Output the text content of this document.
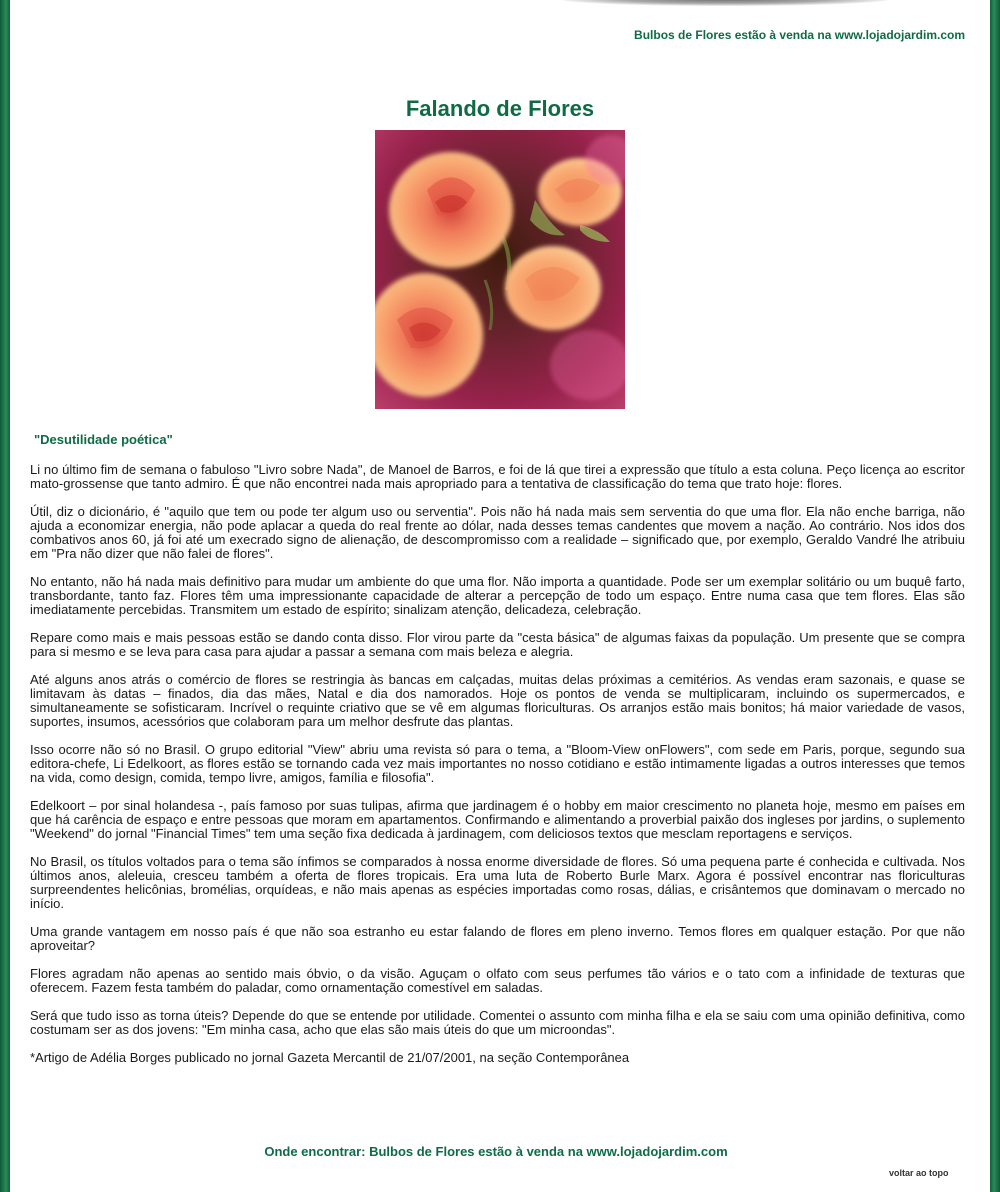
Bulbos de Flores estão à venda na www.lojadojardim.com
Falando de Flores
"Desutilidade poética"

Li no último fim de semana o fabuloso "Livro sobre Nada", de Manoel de Barros, e foi de lá que tirei a expressão que título a esta coluna. Peço licença ao escritor mato-grossense que tanto admiro. É que não encontrei nada mais apropriado para a tentativa de classificação do tema que trato hoje: flores.

Útil, diz o dicionário, é "aquilo que tem ou pode ter algum uso ou serventia". Pois não há nada mais sem serventia do que uma flor. Ela não enche barriga, não ajuda a economizar energia, não pode aplacar a queda do real frente ao dólar, nada desses temas candentes que movem a nação. Ao contrário. Nos idos dos combativos anos 60, já foi até um execrado signo de alienação, de descompromisso com a realidade – significado que, por exemplo, Geraldo Vandré lhe atribuiu em "Pra não dizer que não falei de flores".

No entanto, não há nada mais definitivo para mudar um ambiente do que uma flor. Não importa a quantidade. Pode ser um exemplar solitário ou um buquê farto, transbordante, tanto faz. Flores têm uma impressionante capacidade de alterar a percepção de todo um espaço. Entre numa casa que tem flores. Elas são imediatamente percebidas. Transmitem um estado de espírito; sinalizam atenção, delicadeza, celebração.

Repare como mais e mais pessoas estão se dando conta disso. Flor virou parte da "cesta básica" de algumas faixas da população. Um presente que se compra para si mesmo e se leva para casa para ajudar a passar a semana com mais beleza e alegria.

Até alguns anos atrás o comércio de flores se restringia às bancas em calçadas, muitas delas próximas a cemitérios. As vendas eram sazonais, e quase se limitavam às datas – finados, dia das mães, Natal e dia dos namorados. Hoje os pontos de venda se multiplicaram, incluindo os supermercados, e simultaneamente se sofisticaram. Incrível o requinte criativo que se vê em algumas floriculturas. Os arranjos estão mais bonitos; há maior variedade de vasos, suportes, insumos, acessórios que colaboram para um melhor desfrute das plantas.

Isso ocorre não só no Brasil. O grupo editorial "View" abriu uma revista só para o tema, a "Bloom-View onFlowers", com sede em Paris, porque, segundo sua editora-chefe, Li Edelkoort, as flores estão se tornando cada vez mais importantes no nosso cotidiano e estão intimamente ligadas a outros interesses que temos na vida, como design, comida, tempo livre, amigos, família e filosofia".

Edelkoort – por sinal holandesa -, país famoso por suas tulipas, afirma que jardinagem é o hobby em maior crescimento no planeta hoje, mesmo em países em que há carência de espaço e entre pessoas que moram em apartamentos. Confirmando e alimentando a proverbial paixão dos ingleses por jardins, o suplemento "Weekend" do jornal "Financial Times" tem uma seção fixa dedicada à jardinagem, com deliciosos textos que mesclam reportagens e serviços.

No Brasil, os títulos voltados para o tema são ínfimos se comparados à nossa enorme diversidade de flores. Só uma pequena parte é conhecida e cultivada. Nos últimos anos, aleleuia, cresceu também a oferta de flores tropicais. Era uma luta de Roberto Burle Marx. Agora é possível encontrar nas floriculturas surpreendentes helicônias, bromélias, orquídeas, e não mais apenas as espécies importadas como rosas, dálias, e crisântemos que dominavam o mercado no início.

Uma grande vantagem em nosso país é que não soa estranho eu estar falando de flores em pleno inverno. Temos flores em qualquer estação. Por que não aproveitar?

Flores agradam não apenas ao sentido mais óbvio, o da visão. Aguçam o olfato com seus perfumes tão vários e o tato com a infinidade de texturas que oferecem. Fazem festa também do paladar, como ornamentação comestível em saladas.

Será que tudo isso as torna úteis? Depende do que se entende por utilidade. Comentei o assunto com minha filha e ela se saiu com uma opinião definitiva, como costumam ser as dos jovens: "Em minha casa, acho que elas são mais úteis do que um microondas".

*Artigo de Adélia Borges publicado no jornal Gazeta Mercantil de 21/07/2001, na seção Contemporânea

Onde encontrar: Bulbos de Flores estão à venda na www.lojadojardim.com
voltar ao topo
